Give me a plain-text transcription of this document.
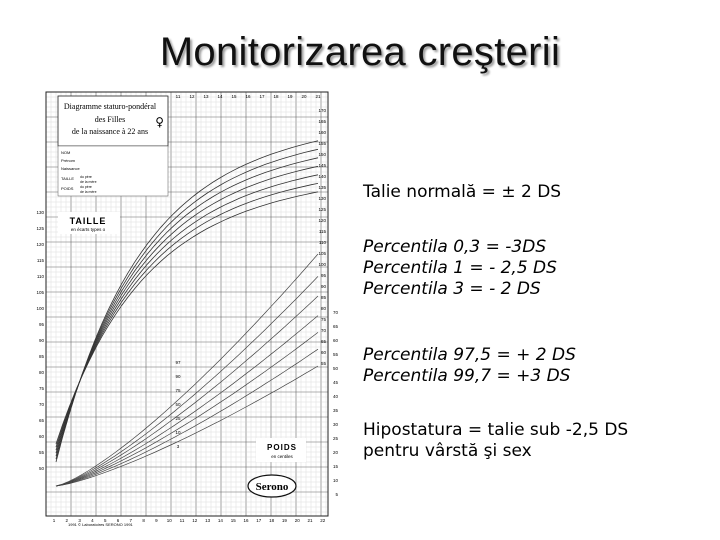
Monitorizarea creşterii
11 12 13 14 15 16 17 18 19 20 21
1 2 3 4 5 6 7 8 9 10 11 12 13 14 15 16 17 18 19 20 21 22
170
165
160
155
150
145
140
135
130
125
120
115
110
105
100
95
90
85
80
75
70
65
60
55
130
125
120
115
110
105
100
95
90
85
80
75
70
65
60
55
50
70
65
60
55
50
45
40
35
30
25
20
15
10
5
97
90
75
50
25
10
3
Diagramme staturo-pondéral
des Filles
de la naissance à 22 ans
♀
NOM
Prénom
Naissance
TAILLE
POIDS
du père
de la mère
du père
de la mère
TAILLE
en écarts types o
POIDS
en centiles
Serono
1991 © Laboratoires SERONO 1991
Talie normală = ± 2 DS
Percentila 0,3 = -3DS
Percentila 1 = - 2,5 DS
Percentila 3 = - 2 DS
Percentila 97,5 = + 2 DS
Percentila 99,7 = +3 DS
Hipostatura = talie sub -2,5 DS
pentru vârstă şi sex
